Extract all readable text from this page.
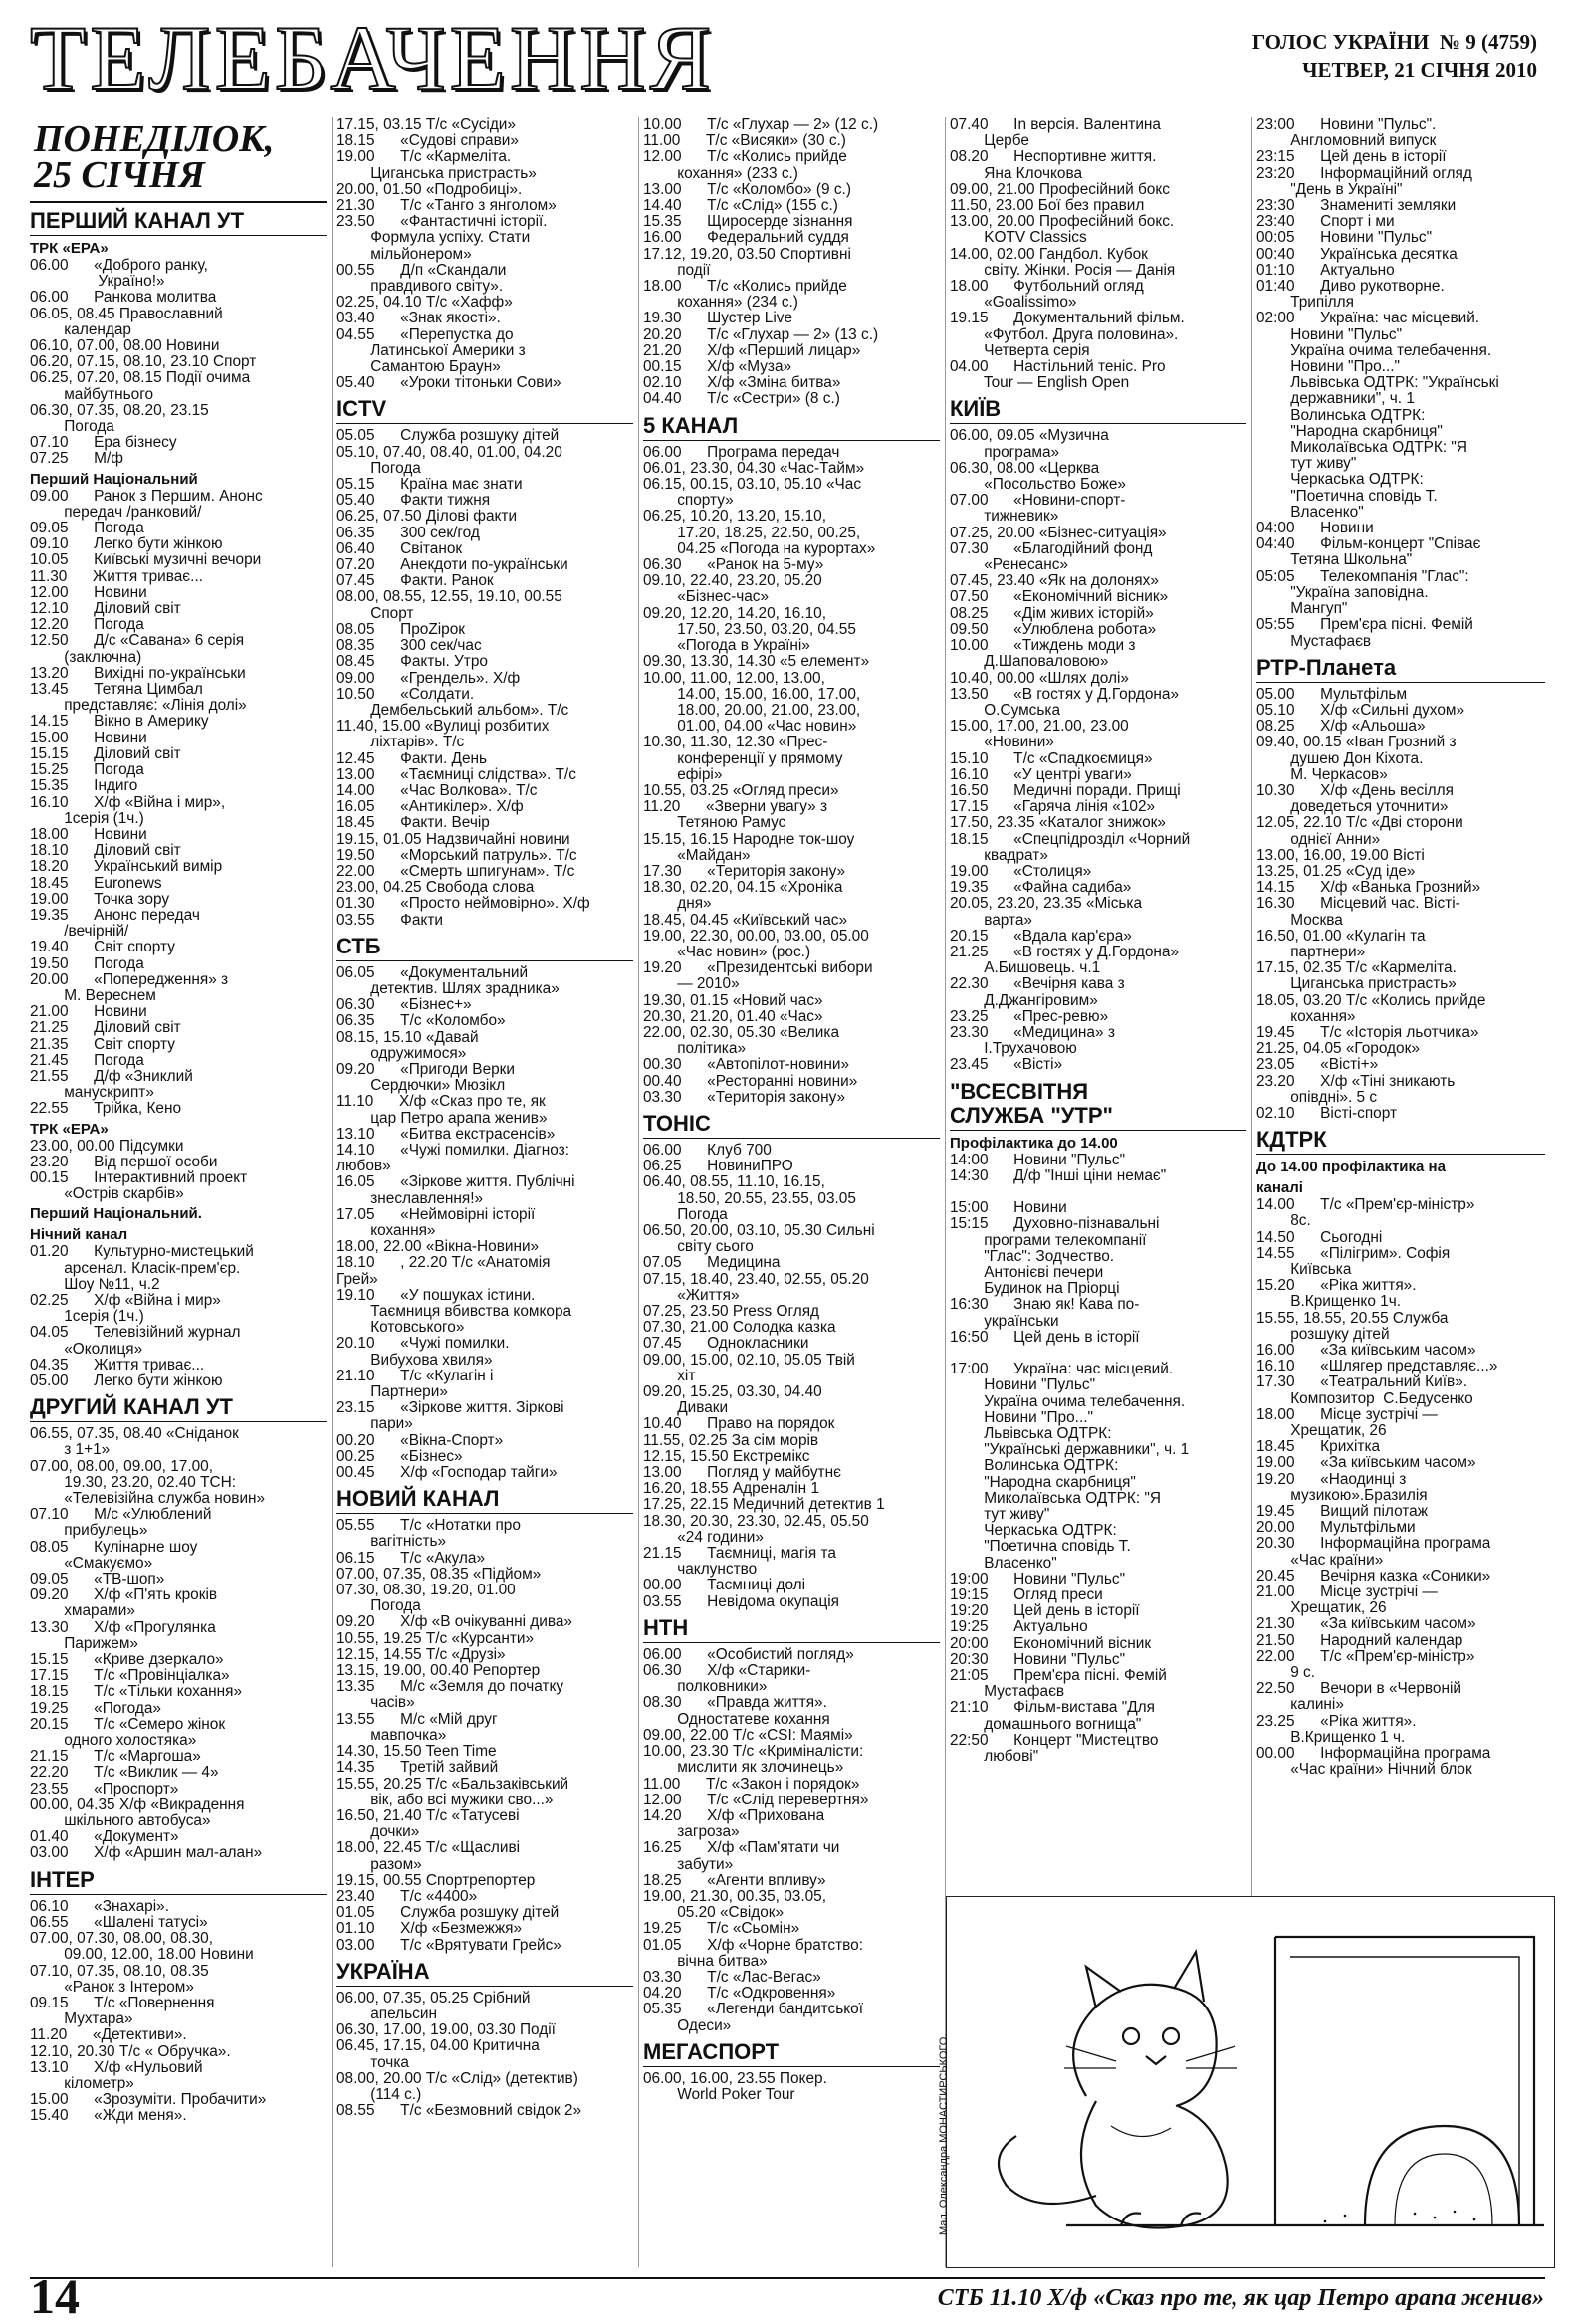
ТЕЛЕБАЧЕННЯ	ГОЛОС УКРАЇНИ № 9 (4759)
ЧЕТВЕР, 21 СІЧНЯ 2010
ПОНЕДІЛОК,
25 СІЧНЯ
ПЕРШИЙ КАНАЛ УТ
ТРК «ЕРА»
06.00      «Доброго ранку,
Україно!»
06.00      Ранкова молитва
06.05, 08.45 Православний
календар
06.10, 07.00, 08.00 Новини
06.20, 07.15, 08.10, 23.10 Спорт
06.25, 07.20, 08.15 Події очима
майбутнього
06.30, 07.35, 08.20, 23.15
Погода
07.10      Ера бізнесу
07.25      М/ф
Перший Національний
09.00      Ранок з Першим. Анонс
передач /ранковий/
09.05      Погода
09.10      Легко бути жінкою
10.05      Київські музичні вечори
11.30      Життя триває...
12.00      Новини
12.10      Діловий світ
12.20      Погода
12.50      Д/с «Савана» 6 серія
(заключна)
13.20      Вихідні по-українськи
13.45      Тетяна Цимбал
представляє: «Лінія долі»
14.15      Вікно в Америку
15.00      Новини
15.15      Діловий світ
15.25      Погода
15.35      Індиго
16.10      Х/ф «Війна і мир»,
1серія (1ч.)
18.00      Новини
18.10      Діловий світ
18.20      Український вимір
18.45      Euronews
19.00      Точка зору
19.35      Анонс передач
/вечірній/
19.40      Світ спорту
19.50      Погода
20.00      «Попередження» з
М. Вереснем
21.00      Новини
21.25      Діловий світ
21.35      Світ спорту
21.45      Погода
21.55      Д/ф «Зниклий
манускрипт»
22.55      Трійка, Кено
ТРК «ЕРА»
23.00, 00.00 Підсумки
23.20      Від першої особи
00.15      Інтерактивний проект
«Острів скарбів»
Перший Національний.
Нічний канал
01.20      Культурно-мистецький
арсенал. Класік-прем'єр.
Шоу №11, ч.2
02.25      Х/ф «Війна і мир»
1серія (1ч.)
04.05      Телевізійний журнал
«Околиця»
04.35      Життя триває...
05.00      Легко бути жінкою
ДРУГИЙ КАНАЛ УТ
06.55, 07.35, 08.40 «Сніданок
з 1+1»
07.00, 08.00, 09.00, 17.00,
19.30, 23.20, 02.40 ТСН:
«Телевізійна служба новин»
07.10      М/с «Улюблений
прибулець»
08.05      Кулінарне шоу
«Смакуємо»
09.05      «ТВ-шоп»
09.20      Х/ф «П'ять кроків
хмарами»
13.30      Х/ф «Прогулянка
Парижем»
15.15      «Криве дзеркало»
17.15      Т/с «Провінціалка»
18.15      Т/с «Тільки кохання»
19.25      «Погода»
20.15      Т/с «Семеро жінок
одного холостяка»
21.15      Т/с «Маргоша»
22.20      Т/с «Виклик — 4»
23.55      «Проспорт»
00.00, 04.35 Х/ф «Викрадення
шкільного автобуса»
01.40      «Документ»
03.00      Х/ф «Аршин мал-алан»
ІНТЕР
06.10      «Знахарі».
06.55      «Шалені татусі»
07.00, 07.30, 08.00, 08.30,
09.00, 12.00, 18.00 Новини
07.10, 07.35, 08.10, 08.35
«Ранок з Інтером»
09.15      Т/с «Повернення
Мухтара»
11.20      «Детективи».
12.10, 20.30 Т/с « Обручка».
13.10      Х/ф «Нульовий
кілометр»
15.00      «Зрозуміти. Пробачити»
15.40      «Жди меня».
17.15, 03.15 Т/с «Сусіди»
18.15      «Судові справи»
19.00      Т/с «Кармеліта.
Циганська пристрасть»
20.00, 01.50 «Подробиці».
21.30      Т/с «Танго з янголом»
23.50      «Фантастичні історії.
Формула успіху. Стати
мільйонером»
00.55      Д/п «Скандали
правдивого світу».
02.25, 04.10 Т/с «Хафф»
03.40      «Знак якості».
04.55      «Перепустка до
Латинської Америки з
Самантою Браун»
05.40      «Уроки тітоньки Сови»
ICTV
05.05      Служба розшуку дітей
05.10, 07.40, 08.40, 01.00, 04.20
Погода
05.15      Країна має знати
05.40      Факти тижня
06.25, 07.50 Ділові факти
06.35      300 сек/год
06.40      Світанок
07.20      Анекдоти по-українськи
07.45      Факти. Ранок
08.00, 08.55, 12.55, 19.10, 00.55
Спорт
08.05      ПроZipок
08.35      300 сек/час
08.45      Факты. Утро
09.00      «Грендель». Х/ф
10.50      «Солдати.
Дембельський альбом». Т/с
11.40, 15.00 «Вулиці розбитих
ліхтарів». Т/с
12.45      Факти. День
13.00      «Таємниці слідства». Т/с
14.00      «Час Волкова». Т/с
16.05      «Антикілер». Х/ф
18.45      Факти. Вечір
19.15, 01.05 Надзвичайні новини
19.50      «Морський патруль». Т/с
22.00      «Смерть шпигунам». Т/с
23.00, 04.25 Свобода слова
01.30      «Просто неймовірно». Х/ф
03.55      Факти
СТБ
06.05      «Документальний
детектив. Шлях зрадника»
06.30      «Бізнес+»
06.35      Т/с «Коломбо»
08.15, 15.10 «Давай
одружимося»
09.20      «Пригоди Верки
Сердючки» Мюзікл
11.10      Х/ф «Сказ про те, як
цар Петро арапа женив»
13.10      «Битва екстрасенсів»
14.10      «Чужі помилки. Діагноз:
любов»
16.05      «Зіркове життя. Публічні
знеславлення!»
17.05      «Неймовірні історії
кохання»
18.00, 22.00 «Вікна-Новини»
18.10      , 22.20 Т/с «Анатомія
Грей»
19.10      «У пошуках істини.
Таємниця вбивства комкора
Котовського»
20.10      «Чужі помилки.
Вибухова хвиля»
21.10      Т/с «Кулагін і
Партнери»
23.15      «Зіркове життя. Зіркові
пари»
00.20      «Вікна-Спорт»
00.25      «Бізнес»
00.45      Х/ф «Господар тайги»
НОВИЙ КАНАЛ
05.55      Т/с «Нотатки про
вагітність»
06.15      Т/с «Акула»
07.00, 07.35, 08.35 «Підйом»
07.30, 08.30, 19.20, 01.00
Погода
09.20      Х/ф «В очікуванні дива»
10.55, 19.25 Т/с «Курсанти»
12.15, 14.55 Т/с «Друзі»
13.15, 19.00, 00.40 Репортер
13.35      М/с «Земля до початку
часів»
13.55      М/с «Мій друг
мавпочка»
14.30, 15.50 Teen Time
14.35      Третій зайвий
15.55, 20.25 Т/с «Бальзаківський
вік, або всі мужики сво...»
16.50, 21.40 Т/с «Татусеві
дочки»
18.00, 22.45 Т/с «Щасливі
разом»
19.15, 00.55 Спортрепортер
23.40      Т/с «4400»
01.05      Служба розшуку дітей
01.10      Х/ф «Безмежжя»
03.00      Т/с «Врятувати Грейс»
УКРАЇНА
06.00, 07.35, 05.25 Срібний
апельсин
06.30, 17.00, 19.00, 03.30 Події
06.45, 17.15, 04.00 Критична
точка
08.00, 20.00 Т/с «Слід» (детектив)
(114 с.)
08.55      Т/с «Безмовний свідок 2»
10.00      Т/с «Глухар — 2» (12 с.)
11.00      Т/с «Висяки» (30 с.)
12.00      Т/с «Колись прийде
кохання» (233 с.)
13.00      Т/с «Коломбо» (9 с.)
14.40      Т/с «Слід» (155 с.)
15.35      Щиросерде зізнання
16.00      Федеральний суддя
17.12, 19.20, 03.50 Спортивні
події
18.00      Т/с «Колись прийде
кохання» (234 с.)
19.30      Шустер Live
20.20      Т/с «Глухар — 2» (13 с.)
21.20      Х/ф «Перший лицар»
00.15      Х/ф «Муза»
02.10      Х/ф «Зміна битва»
04.40      Т/с «Сестри» (8 с.)
5 КАНАЛ
06.00      Програма передач
06.01, 23.30, 04.30 «Час-Тайм»
06.15, 00.15, 03.10, 05.10 «Час
спорту»
06.25, 10.20, 13.20, 15.10,
17.20, 18.25, 22.50, 00.25,
04.25 «Погода на курортах»
06.30      «Ранок на 5-му»
09.10, 22.40, 23.20, 05.20
«Бізнес-час»
09.20, 12.20, 14.20, 16.10,
17.50, 23.50, 03.20, 04.55
«Погода в Україні»
09.30, 13.30, 14.30 «5 елемент»
10.00, 11.00, 12.00, 13.00,
14.00, 15.00, 16.00, 17.00,
18.00, 20.00, 21.00, 23.00,
01.00, 04.00 «Час новин»
10.30, 11.30, 12.30 «Прес-
конференції у прямому
ефірі»
10.55, 03.25 «Огляд преси»
11.20      «Зверни увагу» з
Тетяною Рамус
15.15, 16.15 Народне ток-шоу
«Майдан»
17.30      «Територія закону»
18.30, 02.20, 04.15 «Хроніка
дня»
18.45, 04.45 «Київський час»
19.00, 22.30, 00.00, 03.00, 05.00
«Час новин» (рос.)
19.20      «Президентські вибори
— 2010»
19.30, 01.15 «Новий час»
20.30, 21.20, 01.40 «Час»
22.00, 02.30, 05.30 «Велика
політика»
00.30      «Автопілот-новини»
00.40      «Ресторанні новини»
03.30      «Територія закону»
ТОНІС
06.00      Клуб 700
06.25      НовиниПРО
06.40, 08.55, 11.10, 16.15,
18.50, 20.55, 23.55, 03.05
Погода
06.50, 20.00, 03.10, 05.30 Сильні
світу сього
07.05      Медицина
07.15, 18.40, 23.40, 02.55, 05.20
«Життя»
07.25, 23.50 Press Огляд
07.30, 21.00 Солодка казка
07.45      Однокласники
09.00, 15.00, 02.10, 05.05 Твій
хіт
09.20, 15.25, 03.30, 04.40
Диваки
10.40      Право на порядок
11.55, 02.25 За сім морів
12.15, 15.50 Екстремікс
13.00      Погляд у майбутнє
16.20, 18.55 Адреналін 1
17.25, 22.15 Медичний детектив 1
18.30, 20.30, 23.30, 02.45, 05.50
«24 години»
21.15      Таємниці, магія та
чаклунство
00.00      Таємниці долі
03.55      Невідома окупація
НТН
06.00      «Особистий погляд»
06.30      Х/ф «Старики-
полковники»
08.30      «Правда життя».
Одностатеве кохання
09.00, 22.00 Т/с «CSI: Маямі»
10.00, 23.30 Т/с «Криміналісти:
мислити як злочинець»
11.00      Т/с «Закон і порядок»
12.00      Т/с «Слід перевертня»
14.20      Х/ф «Прихована
загроза»
16.25      Х/ф «Пам'ятати чи
забути»
18.25      «Агенти впливу»
19.00, 21.30, 00.35, 03.05,
05.20 «Свідок»
19.25      Т/с «Сьомін»
01.05      Х/ф «Чорне братство:
вічна битва»
03.30      Т/с «Лас-Вегас»
04.20      Т/с «Одкровення»
05.35      «Легенди бандитської
Одеси»
МЕГАСПОРТ
06.00, 16.00, 23.55 Покер.
World Poker Tour
07.40      In версія. Валентина
Цербе
08.20      Неспортивне життя.
Яна Клочкова
09.00, 21.00 Професійний бокс
11.50, 23.00 Бої без правил
13.00, 20.00 Професійний бокс.
KOTV Classics
14.00, 02.00 Гандбол. Кубок
світу. Жінки. Росія — Данія
18.00      Футбольний огляд
«Goalissimo»
19.15      Документальний фільм.
«Футбол. Друга половина».
Четверта серія
04.00      Настільний теніс. Pro
Tour — English Open
КИЇВ
06.00, 09.05 «Музична
програма»
06.30, 08.00 «Церква
«Посольство Боже»
07.00      «Новини-спорт-
тижневик»
07.25, 20.00 «Бізнес-ситуація»
07.30      «Благодійний фонд
«Ренесанс»
07.45, 23.40 «Як на долонях»
07.50      «Економічний вісник»
08.25      «Дім живих історій»
09.50      «Улюблена робота»
10.00      «Тиждень моди з
Д.Шаповаловою»
10.40, 00.00 «Шлях долі»
13.50      «В гостях у Д.Гордона»
О.Сумська
15.00, 17.00, 21.00, 23.00
«Новини»
15.10      Т/с «Спадкоємиця»
16.10      «У центрі уваги»
16.50      Медичні поради. Прищі
17.15      «Гаряча лінія «102»
17.50, 23.35 «Каталог знижок»
18.15      «Спецпідрозділ «Чорний
квадрат»
19.00      «Столиця»
19.35      «Файна садиба»
20.05, 23.20, 23.35 «Міська
варта»
20.15      «Вдала кар'єра»
21.25      «В гостях у Д.Гордона»
А.Бишовець. ч.1
22.30      «Вечірня кава з
Д.Джангіровим»
23.25      «Прес-ревю»
23.30      «Медицина» з
І.Трухачовою
23.45      «Вісті»
"ВСЕСВІТНЯ
СЛУЖБА "УТР"
Профілактика до 14.00
14:00      Новини "Пульс"
14:30      Д/ф "Інші ціни немає"

15:00      Новини
15:15      Духовно-пізнавальні
програми телекомпанії
"Глас": Зодчество.
Антонієві печери
Будинок на Пріорці
16:30      Знаю як! Кава по-
українськи
16:50      Цей день в історії

17:00      Україна: час місцевий.
Новини "Пульс"
Україна очима телебачення.
Новини "Про..."
Львівська ОДТРК:
"Українські державники", ч. 1
Волинська ОДТРК:
"Народна скарбниця"
Миколаївська ОДТРК: "Я
тут живу"
Черкаська ОДТРК:
"Поетична сповідь Т.
Власенко"
19:00      Новини "Пульс"
19:15      Огляд преси
19:20      Цей день в історії
19:25      Актуально
20:00      Економічний вісник
20:30      Новини "Пульс"
21:05      Прем'єра пісні. Фемій
Мустафаєв
21:10      Фільм-вистава "Для
домашнього вогнища"
22:50      Концерт "Мистецтво
любові"
23:00      Новини "Пульс".
Англомовний випуск
23:15      Цей день в історії
23:20      Інформаційний огляд
"День в Україні"
23:30      Знамениті земляки
23:40      Спорт і ми
00:05      Новини "Пульс"
00:40      Українська десятка
01:10      Актуально
01:40      Диво рукотворне.
Трипілля
02:00      Україна: час місцевий.
Новини "Пульс"
Україна очима телебачення.
Новини "Про..."
Львівська ОДТРК: "Українські
державники", ч. 1
Волинська ОДТРК:
"Народна скарбниця"
Миколаївська ОДТРК: "Я
тут живу"
Черкаська ОДТРК:
"Поетична сповідь Т.
Власенко"
04:00      Новини
04:40      Фільм-концерт "Співає
Тетяна Школьна"
05:05      Телекомпанія "Глас":
"Україна заповідна.
Мангуп"
05:55      Прем'єра пісні. Фемій
Мустафаєв
РТР-Планета
05.00      Мультфільм
05.10      Х/ф «Сильні духом»
08.25      Х/ф «Альоша»
09.40, 00.15 «Іван Грозний з
душею Дон Кіхота.
М. Черкасов»
10.30      Х/ф «День весілля
доведеться уточнити»
12.05, 22.10 Т/с «Дві сторони
однієї Анни»
13.00, 16.00, 19.00 Вісті
13.25, 01.25 «Суд іде»
14.15      Х/ф «Ванька Грозний»
16.30      Місцевий час. Вісті-
Москва
16.50, 01.00 «Кулагін та
партнери»
17.15, 02.35 Т/с «Кармеліта.
Циганська пристрасть»
18.05, 03.20 Т/с «Колись прийде
кохання»
19.45      Т/с «Історія льотчика»
21.25, 04.05 «Городок»
23.05      «Вісті+»
23.20      Х/ф «Тіні зникають
опівдні». 5 с
02.10      Вісті-спорт
КДТРК
До 14.00 профілактика на
каналі
14.00      Т/с «Прем'єр-міністр»
8с.
14.50      Сьогодні
14.55      «Пілігрим». Софія
Київська
15.20      «Ріка життя».
В.Крищенко 1ч.
15.55, 18.55, 20.55 Служба
розшуку дітей
16.00      «За київським часом»
16.10      «Шлягер представляє...»
17.30      «Театральний Київ».
Композитор  С.Бедусенко
18.00      Місце зустрічі —
Хрещатик, 26
18.45      Крихітка
19.00      «За київським часом»
19.20      «Наодинці з
музикою».Бразилія
19.45      Вищий пілотаж
20.00      Мультфільми
20.30      Інформаційна програма
«Час країни»
20.45      Вечірня казка «Соники»
21.00      Місце зустрічі —
Хрещатик, 26
21.30      «За київським часом»
21.50      Народний календар
22.00      Т/с «Прем'єр-міністр»
9 с.
22.50      Вечори в «Червоній
калині»
23.25      «Ріка життя».
В.Крищенко 1 ч.
00.00      Інформаційна програма
«Час країни» Нічний блок
Мал. Олександра МОНАСТИРСЬКОГО.
14	СТБ 11.10 Х/ф «Сказ про те, як цар Петро арапа женив»
